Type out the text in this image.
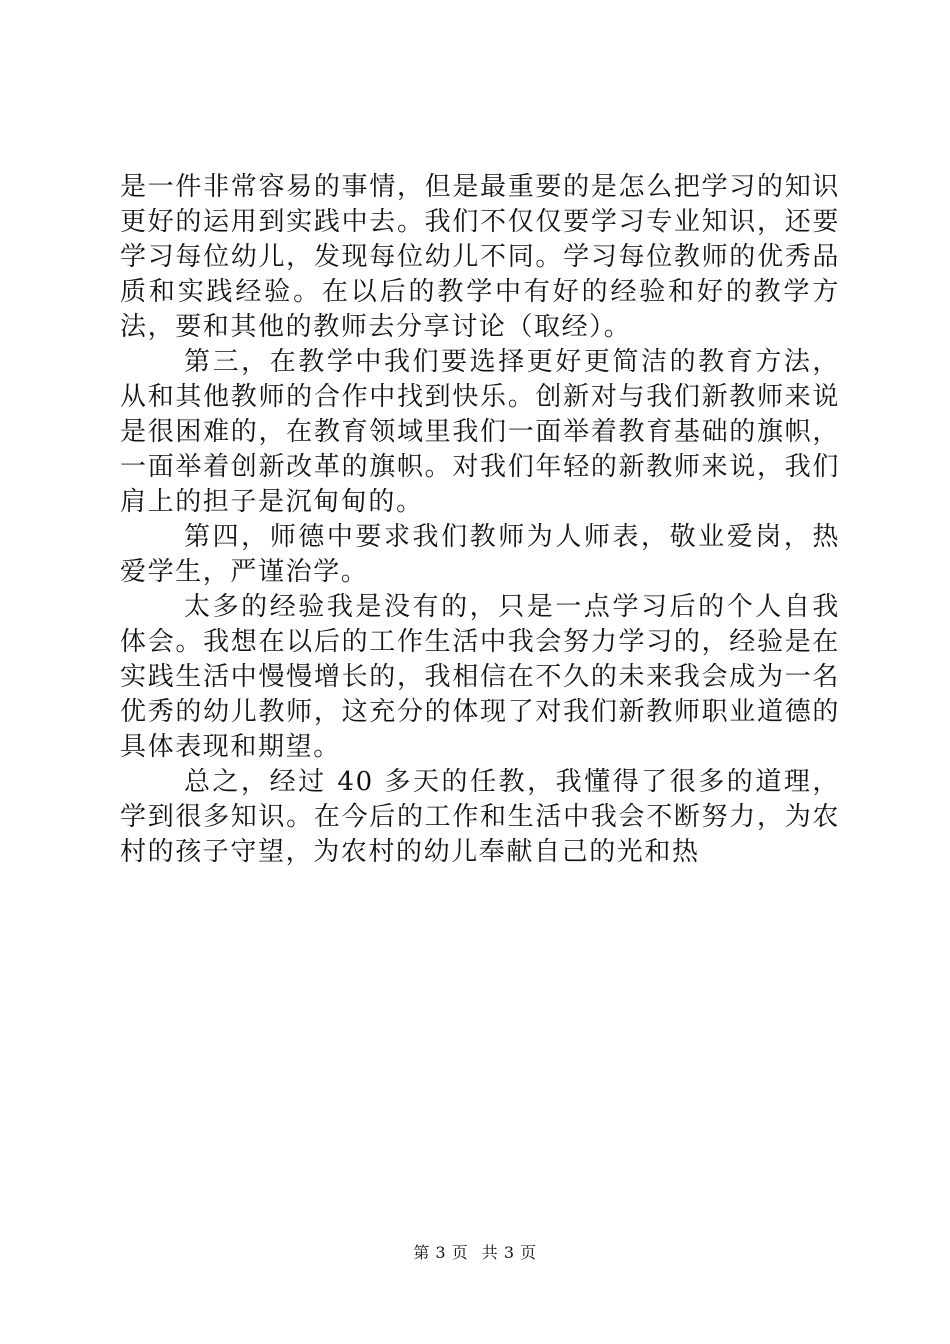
是一件非常容易的事情，但是最重要的是怎么把学习的知识更好的运用到实践中去。我们不仅仅要学习专业知识，还要学习每位幼儿，发现每位幼儿不同。学习每位教师的优秀品质和实践经验。在以后的教学中有好的经验和好的教学方法，要和其他的教师去分享讨论（取经）。

第三，在教学中我们要选择更好更简洁的教育方法，从和其他教师的合作中找到快乐。创新对与我们新教师来说是很困难的，在教育领域里我们一面举着教育基础的旗帜，一面举着创新改革的旗帜。对我们年轻的新教师来说，我们肩上的担子是沉甸甸的。

第四，师德中要求我们教师为人师表，敬业爱岗，热爱学生，严谨治学。

太多的经验我是没有的，只是一点学习后的个人自我体会。我想在以后的工作生活中我会努力学习的，经验是在实践生活中慢慢增长的，我相信在不久的未来我会成为一名优秀的幼儿教师，这充分的体现了对我们新教师职业道德的具体表现和期望。

总之，经过 40 多天的任教，我懂得了很多的道理，学到很多知识。在今后的工作和生活中我会不断努力，为农村的孩子守望，为农村的幼儿奉献自己的光和热

第 3 页 共 3 页
